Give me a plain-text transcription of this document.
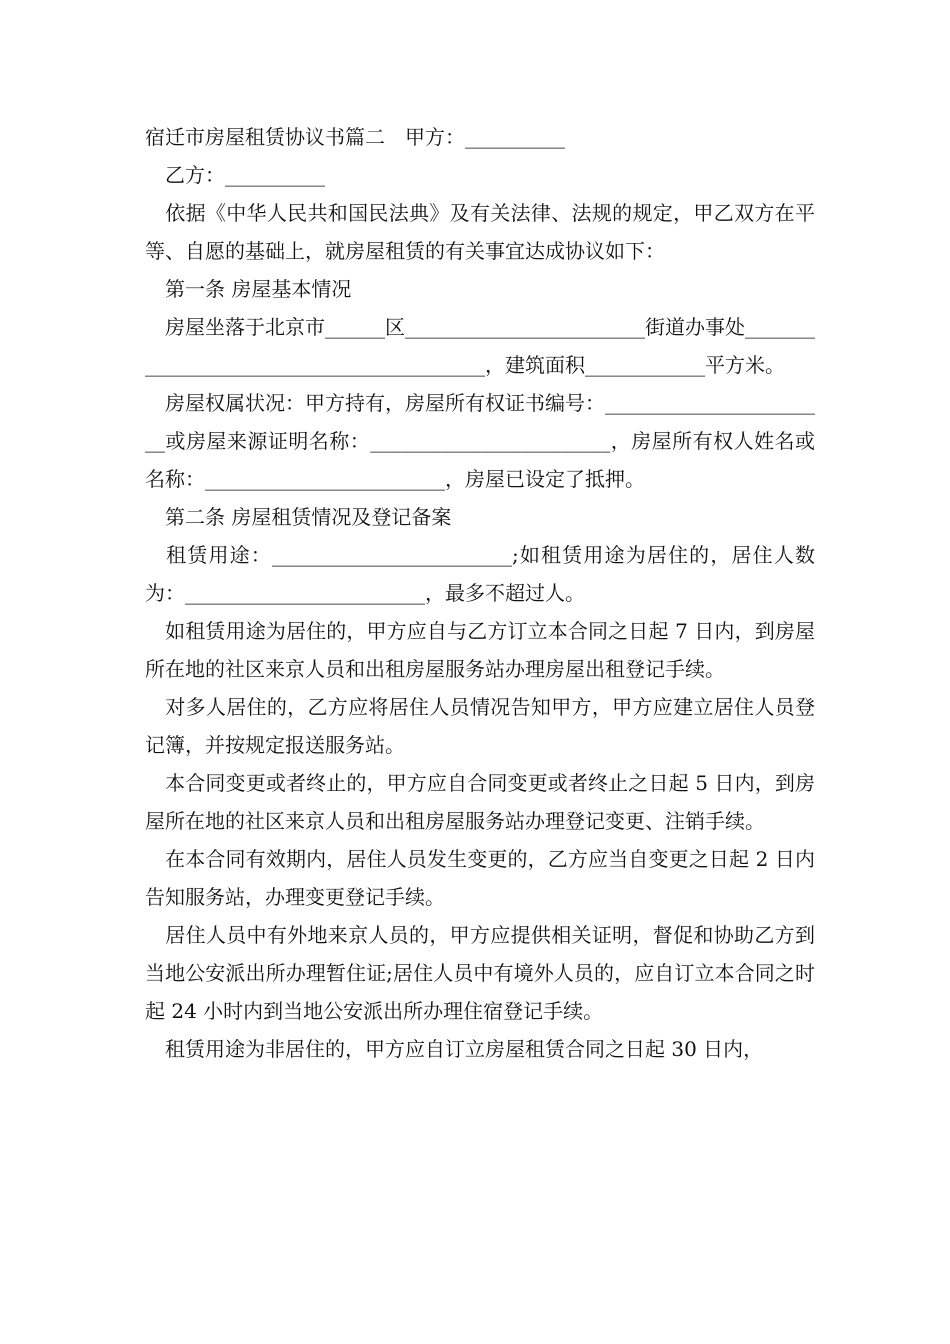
宿迁市房屋租赁协议书篇二　甲方：__________

　乙方：__________

　依据《中华人民共和国民法典》及有关法律、法规的规定，甲乙双方在平等、自愿的基础上，就房屋租赁的有关事宜达成协议如下：

　第一条 房屋基本情况

　房屋坐落于北京市______区________________________街道办事处_________________________________________，建筑面积____________平方米。

　房屋权属状况：甲方持有，房屋所有权证书编号：_______________________或房屋来源证明名称：________________________，房屋所有权人姓名或名称：________________________，房屋已设定了抵押。

　第二条 房屋租赁情况及登记备案

　租赁用途：________________________;如租赁用途为居住的，居住人数为：________________________，最多不超过人。

　如租赁用途为居住的，甲方应自与乙方订立本合同之日起 7 日内，到房屋所在地的社区来京人员和出租房屋服务站办理房屋出租登记手续。

　对多人居住的，乙方应将居住人员情况告知甲方，甲方应建立居住人员登记簿，并按规定报送服务站。

　本合同变更或者终止的，甲方应自合同变更或者终止之日起 5 日内，到房屋所在地的社区来京人员和出租房屋服务站办理登记变更、注销手续。

　在本合同有效期内，居住人员发生变更的，乙方应当自变更之日起 2 日内告知服务站，办理变更登记手续。

　居住人员中有外地来京人员的，甲方应提供相关证明，督促和协助乙方到当地公安派出所办理暂住证;居住人员中有境外人员的，应自订立本合同之时起 24 小时内到当地公安派出所办理住宿登记手续。

　租赁用途为非居住的，甲方应自订立房屋租赁合同之日起 30 日内，
